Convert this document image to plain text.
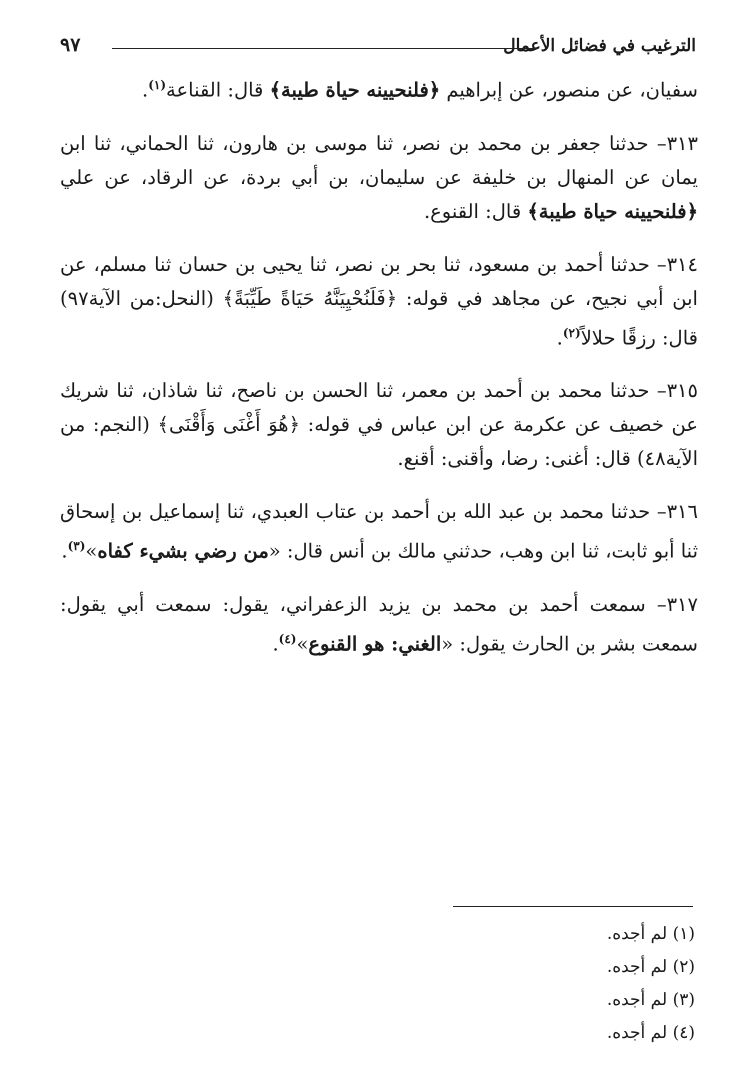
الترغيب في فضائل الأعمال
٩٧

سفيان، عن منصور، عن إبراهيم ﴿فلنحيينه حياة طيبة﴾ قال: القناعة$^{(١)}$.

٣١٣– حدثنا جعفر بن محمد بن نصر، ثنا موسى بن هارون، ثنا الحماني، ثنا ابن يمان عن المنهال بن خليفة عن سليمان، بن أبي بردة، عن الرقاد، عن علي ﴿فلنحيينه حياة طيبة﴾ قال: القنوع.

٣١٤– حدثنا أحمد بن مسعود، ثنا بحر بن نصر، ثنا يحيى بن حسان ثنا مسلم، عن ابن أبي نجيح، عن مجاهد في قوله: ﴿فَلَنُحْيِيَنَّهُ حَيَاةً طَيِّبَةً﴾ (النحل:من الآية٩٧) قال: رزقًا حلالاً$^{(٢)}$.

٣١٥– حدثنا محمد بن أحمد بن معمر، ثنا الحسن بن ناصح، ثنا شاذان، ثنا شريك عن خصيف عن عكرمة عن ابن عباس في قوله: ﴿هُوَ أَغْنَى وَأَقْنَى﴾ (النجم: من الآية٤٨) قال: أغنى: رضا، وأقنى: أقنع.

٣١٦– حدثنا محمد بن عبد الله بن أحمد بن عتاب العبدي، ثنا إسماعيل بن إسحاق ثنا أبو ثابت، ثنا ابن وهب، حدثني مالك بن أنس قال: «من رضي بشيء كفاه»$^{(٣)}$.

٣١٧– سمعت أحمد بن محمد بن يزيد الزعفراني، يقول: سمعت أبي يقول: سمعت بشر بن الحارث يقول: «الغني: هو القنوع»$^{(٤)}$.

(١) لم أجده.
(٢) لم أجده.
(٣) لم أجده.
(٤) لم أجده.
